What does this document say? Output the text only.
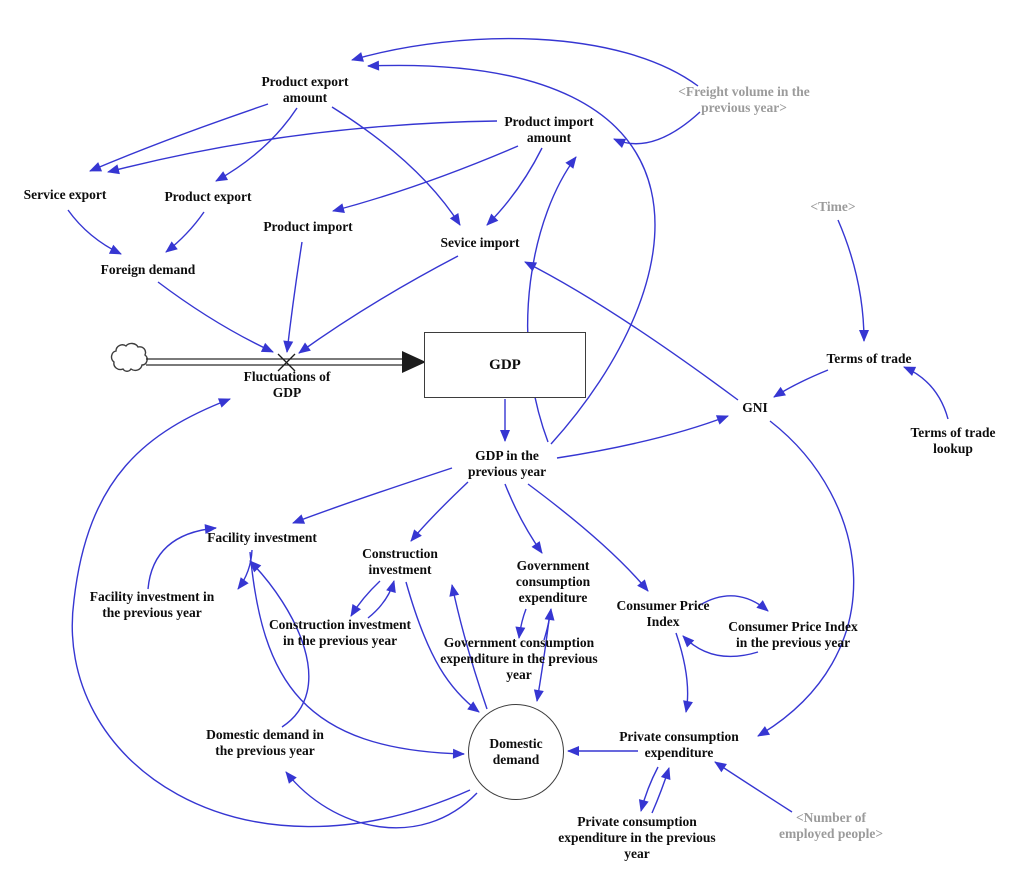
Product export
amount
Product import
amount
<Freight volume in the
previous year>
Service export	Product export
<Time>
Product import
Sevice import
Foreign demand
Fluctuations of
GDP
GDP	Terms of trade
GNI
Terms of trade
lookup
GDP in the
previous year
Facility investment
Construction
investment	Government
consumption
expenditure
Facility investment in
the previous year	Consumer Price
Index	Consumer Price Index
in the previous year
Construction investment
in the previous year	Government consumption
expenditure in the previous
year
Domestic demand in
the previous year	Domestic
demand
Private consumption
expenditure
Private consumption
expenditure in the previous
year
<Number of
employed people>
